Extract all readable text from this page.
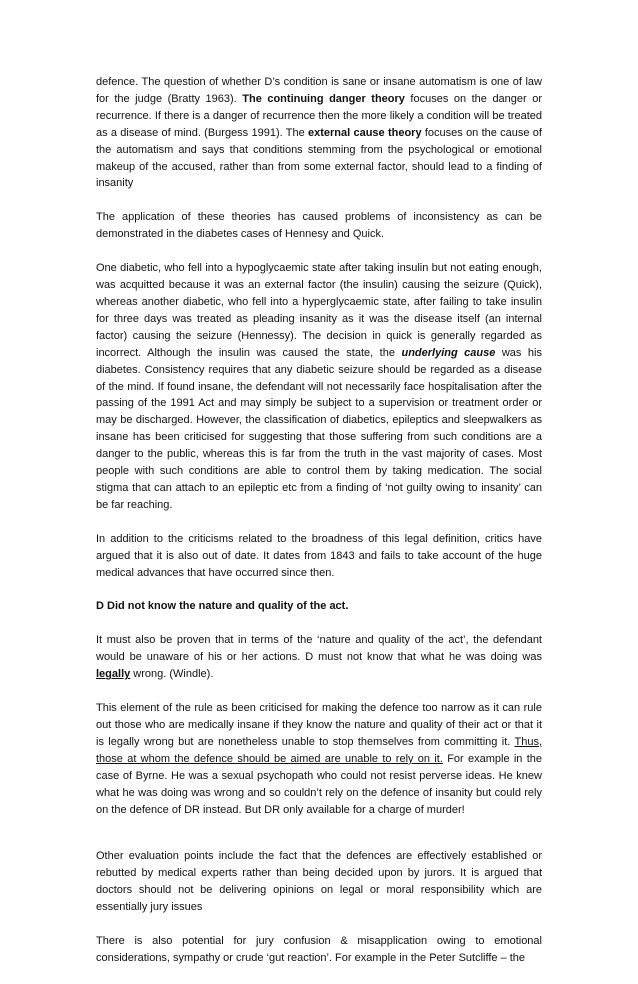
defence. The question of whether D’s condition is sane or insane automatism is one of law for the judge (Bratty 1963). The continuing danger theory focuses on the danger or recurrence. If there is a danger of recurrence then the more likely a condition will be treated as a disease of mind. (Burgess 1991). The external cause theory focuses on the cause of the automatism and says that conditions stemming from the psychological or emotional makeup of the accused, rather than from some external factor, should lead to a finding of insanity

The application of these theories has caused problems of inconsistency as can be demonstrated in the diabetes cases of Hennesy and Quick.

One diabetic, who fell into a hypoglycaemic state after taking insulin but not eating enough, was acquitted because it was an external factor (the insulin) causing the seizure (Quick), whereas another diabetic, who fell into a hyperglycaemic state, after failing to take insulin for three days was treated as pleading insanity as it was the disease itself (an internal factor) causing the seizure (Hennessy). The decision in quick is generally regarded as incorrect. Although the insulin was caused the state, the underlying cause was his diabetes. Consistency requires that any diabetic seizure should be regarded as a disease of the mind. If found insane, the defendant will not necessarily face hospitalisation after the passing of the 1991 Act and may simply be subject to a supervision or treatment order or may be discharged. However, the classification of diabetics, epileptics and sleepwalkers as insane has been criticised for suggesting that those suffering from such conditions are a danger to the public, whereas this is far from the truth in the vast majority of cases. Most people with such conditions are able to control them by taking medication. The social stigma that can attach to an epileptic etc from a finding of ‘not guilty owing to insanity’ can be far reaching.

In addition to the criticisms related to the broadness of this legal definition, critics have argued that it is also out of date. It dates from 1843 and fails to take account of the huge medical advances that have occurred since then.

D Did not know the nature and quality of the act.

It must also be proven that in terms of the ‘nature and quality of the act’, the defendant would be unaware of his or her actions. D must not know that what he was doing was legally wrong. (Windle).

This element of the rule as been criticised for making the defence too narrow as it can rule out those who are medically insane if they know the nature and quality of their act or that it is legally wrong but are nonetheless unable to stop themselves from committing it. Thus, those at whom the defence should be aimed are unable to rely on it. For example in the case of Byrne. He was a sexual psychopath who could not resist perverse ideas. He knew what he was doing was wrong and so couldn’t rely on the defence of insanity but could rely on the defence of DR instead. But DR only available for a charge of murder!

Other evaluation points include the fact that the defences are effectively established or rebutted by medical experts rather than being decided upon by jurors. It is argued that doctors should not be delivering opinions on legal or moral responsibility which are essentially jury issues

There is also potential for jury confusion & misapplication owing to emotional considerations, sympathy or crude ‘gut reaction’. For example in the Peter Sutcliffe – the
